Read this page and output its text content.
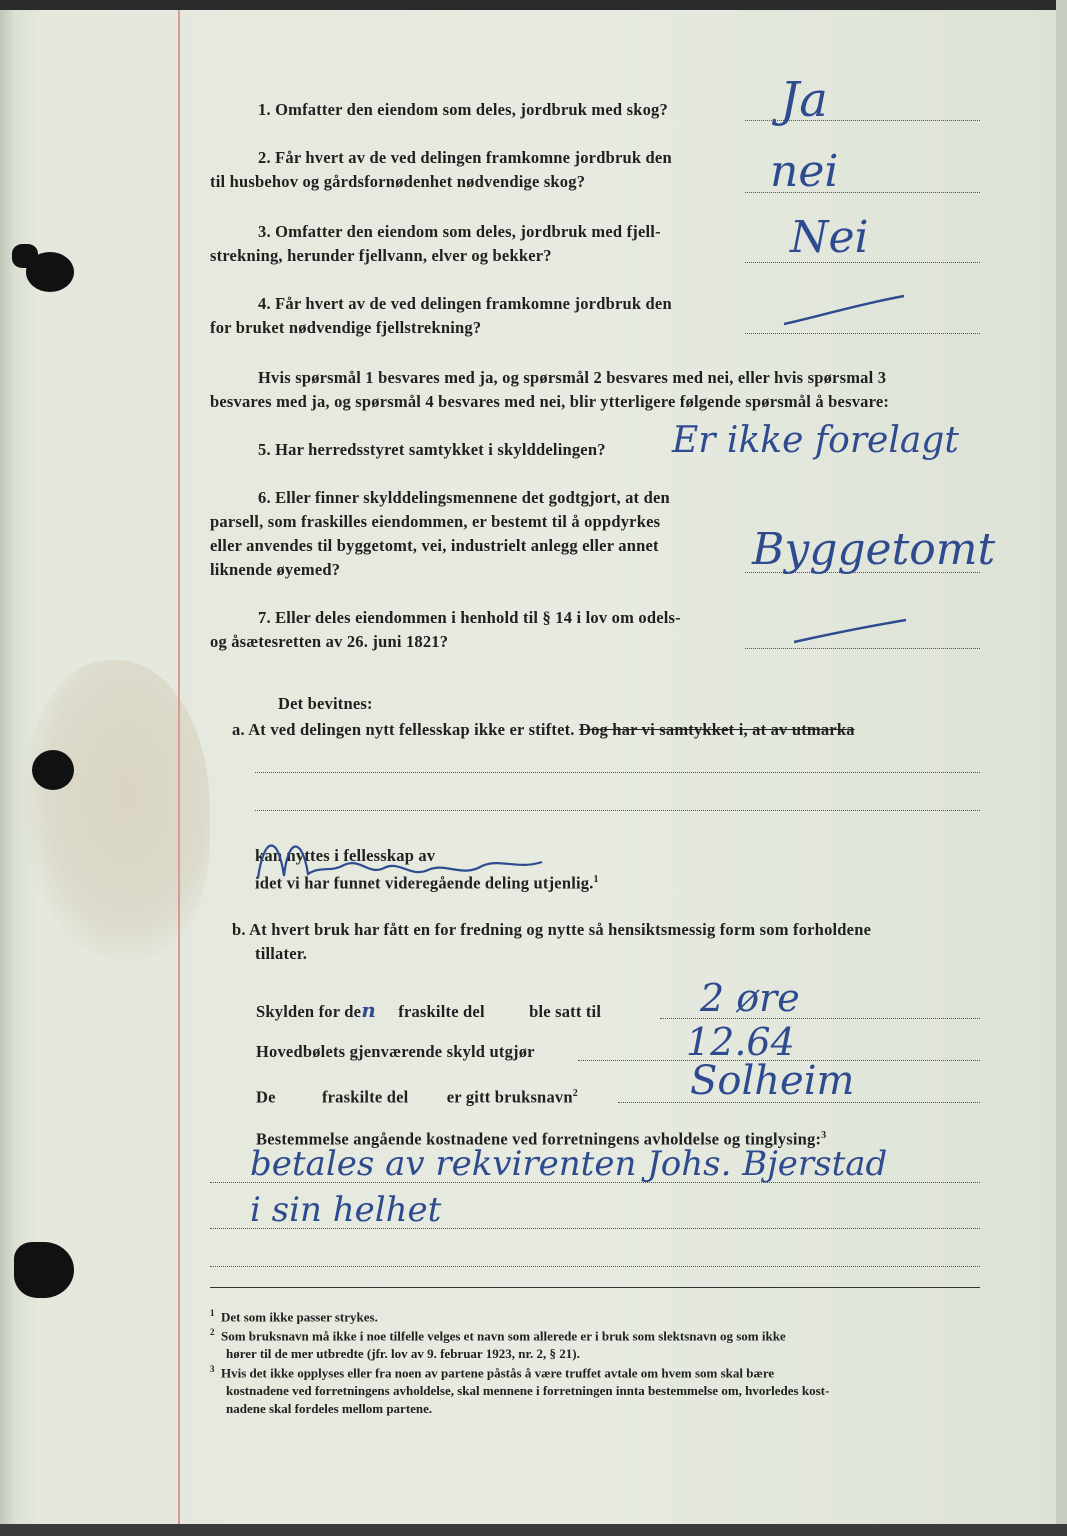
1. Omfatter den eiendom som deles, jordbruk med skog? Ja
2. Får hvert av de ved delingen framkomne jordbruk den
til husbehov og gårdsfornødenhet nødvendige skog?	nei
3. Omfatter den eiendom som deles, jordbruk med fjell-
strekning, herunder fjellvann, elver og bekker?	Nei
4. Får hvert av de ved delingen framkomne jordbruk den
for bruket nødvendige fjellstrekning?
Hvis spørsmål 1 besvares med ja, og spørsmål 2 besvares med nei, eller hvis spørsmal 3
besvares med ja, og spørsmål 4 besvares med nei, blir ytterligere følgende spørsmål å besvare:
5. Har herredsstyret samtykket i skylddelingen? Er ikke forelagt
6. Eller finner skylddelingsmennene det godtgjort, at den
parsell, som fraskilles eiendommen, er bestemt til å oppdyrkes
eller anvendes til byggetomt, vei, industrielt anlegg eller annet
liknende øyemed?	Byggetomt
7. Eller deles eiendommen i henhold til § 14 i lov om odels-
og åsætesretten av 26. juni 1821?
Det bevitnes:
a. At ved delingen nytt fellesskap ikke er stiftet. Dog har vi samtykket i, at av utmarka
kan nyttes i fellesskap av
idet vi har funnet videregående deling utjenlig.$^1$
b. At hvert bruk har fått en for fredning og nytte så hensiktsmessig form som forholdene
tillater.
Skylden for den fraskilte del	ble satt til	2 øre
Hovedbølets gjenværende skyld utgjør	12.64
De	fraskilte del er gitt bruksnavn$^2$	Solheim
Bestemmelse angående kostnadene ved forretningens avholdelse og tinglysing:$^3$
betales av rekvirenten Johs. Bjerstad
i sin helhet
$^1$ Det som ikke passer strykes.
$^2$ Som bruksnavn må ikke i noe tilfelle velges et navn som allerede er i bruk som slektsnavn og som ikke
hører til de mer utbredte (jfr. lov av 9. februar 1923, nr. 2, § 21).
$^3$ Hvis det ikke opplyses eller fra noen av partene påstås å være truffet avtale om hvem som skal bære
kostnadene ved forretningens avholdelse, skal mennene i forretningen innta bestemmelse om, hvorledes kost-
nadene skal fordeles mellom partene.
